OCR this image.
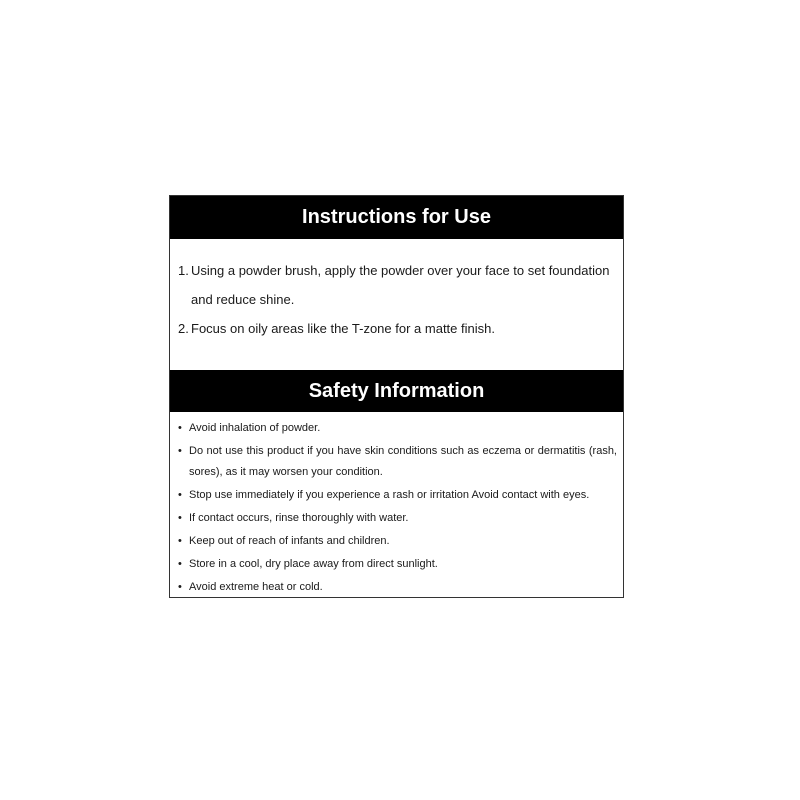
Instructions for Use
1. Using a powder brush, apply the powder over your face to set foundation and reduce shine.
2. Focus on oily areas like the T-zone for a matte finish.
Safety Information
• Avoid inhalation of powder.
• Do not use this product if you have skin conditions such as eczema or dermatitis (rash, sores), as it may worsen your condition.
• Stop use immediately if you experience a rash or irritation Avoid contact with eyes.
• If contact occurs, rinse thoroughly with water.
• Keep out of reach of infants and children.
• Store in a cool, dry place away from direct sunlight.
• Avoid extreme heat or cold.
